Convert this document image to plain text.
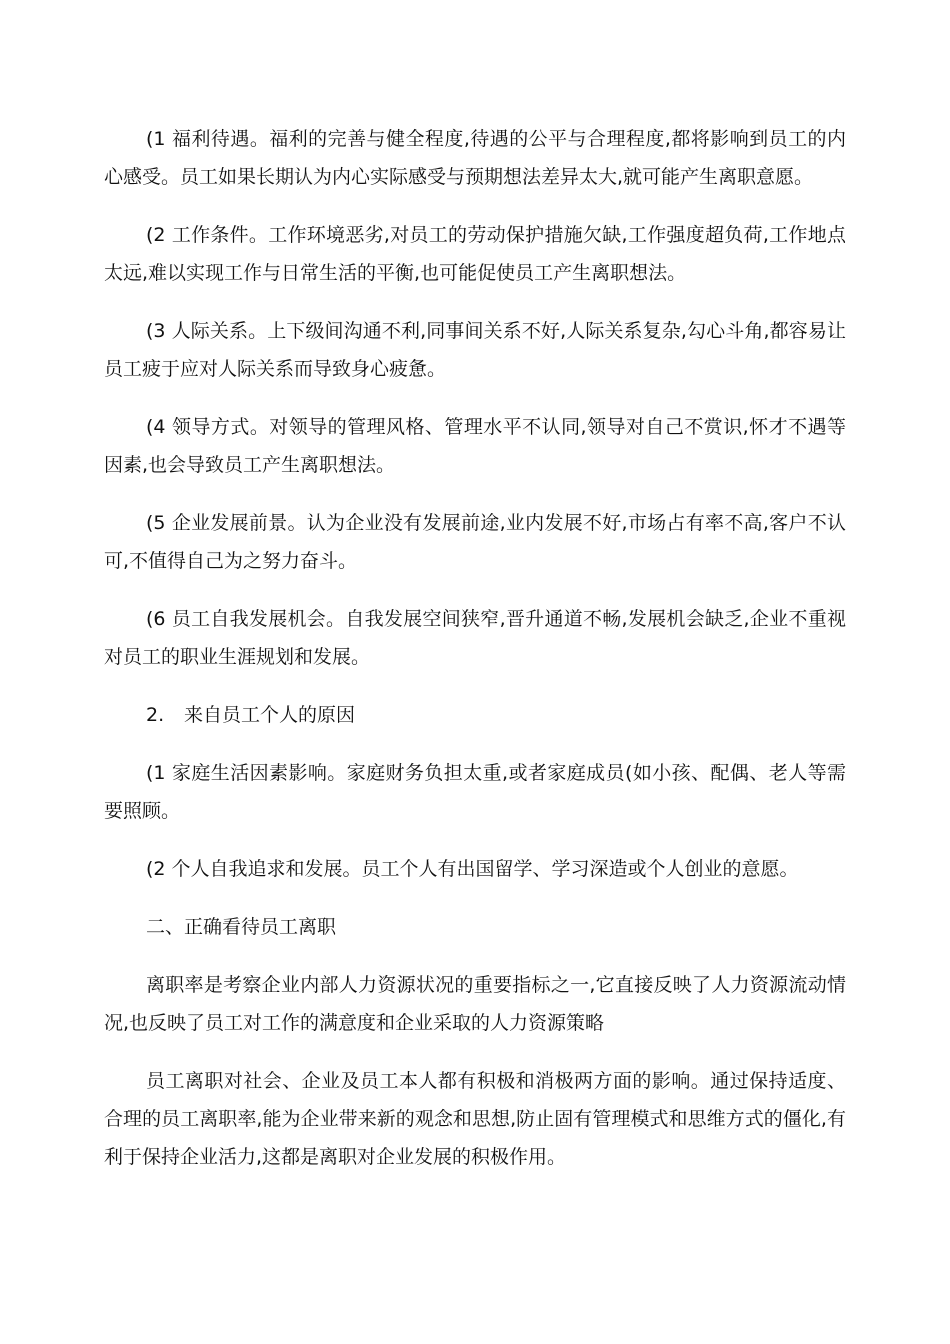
(1 福利待遇。福利的完善与健全程度,待遇的公平与合理程度,都将影响到员工的内心感受。员工如果长期认为内心实际感受与预期想法差异太大,就可能产生离职意愿。

(2 工作条件。工作环境恶劣,对员工的劳动保护措施欠缺,工作强度超负荷,工作地点太远,难以实现工作与日常生活的平衡,也可能促使员工产生离职想法。

(3 人际关系。上下级间沟通不利,同事间关系不好,人际关系复杂,勾心斗角,都容易让员工疲于应对人际关系而导致身心疲惫。

(4 领导方式。对领导的管理风格、管理水平不认同,领导对自己不赏识,怀才不遇等因素,也会导致员工产生离职想法。

(5 企业发展前景。认为企业没有发展前途,业内发展不好,市场占有率不高,客户不认可,不值得自己为之努力奋斗。

(6 员工自我发展机会。自我发展空间狭窄,晋升通道不畅,发展机会缺乏,企业不重视对员工的职业生涯规划和发展。

2. 来自员工个人的原因

(1 家庭生活因素影响。家庭财务负担太重,或者家庭成员(如小孩、配偶、老人等需要照顾。

(2 个人自我追求和发展。员工个人有出国留学、学习深造或个人创业的意愿。

二、正确看待员工离职

离职率是考察企业内部人力资源状况的重要指标之一,它直接反映了人力资源流动情况,也反映了员工对工作的满意度和企业采取的人力资源策略

员工离职对社会、企业及员工本人都有积极和消极两方面的影响。通过保持适度、合理的员工离职率,能为企业带来新的观念和思想,防止固有管理模式和思维方式的僵化,有利于保持企业活力,这都是离职对企业发展的积极作用。
